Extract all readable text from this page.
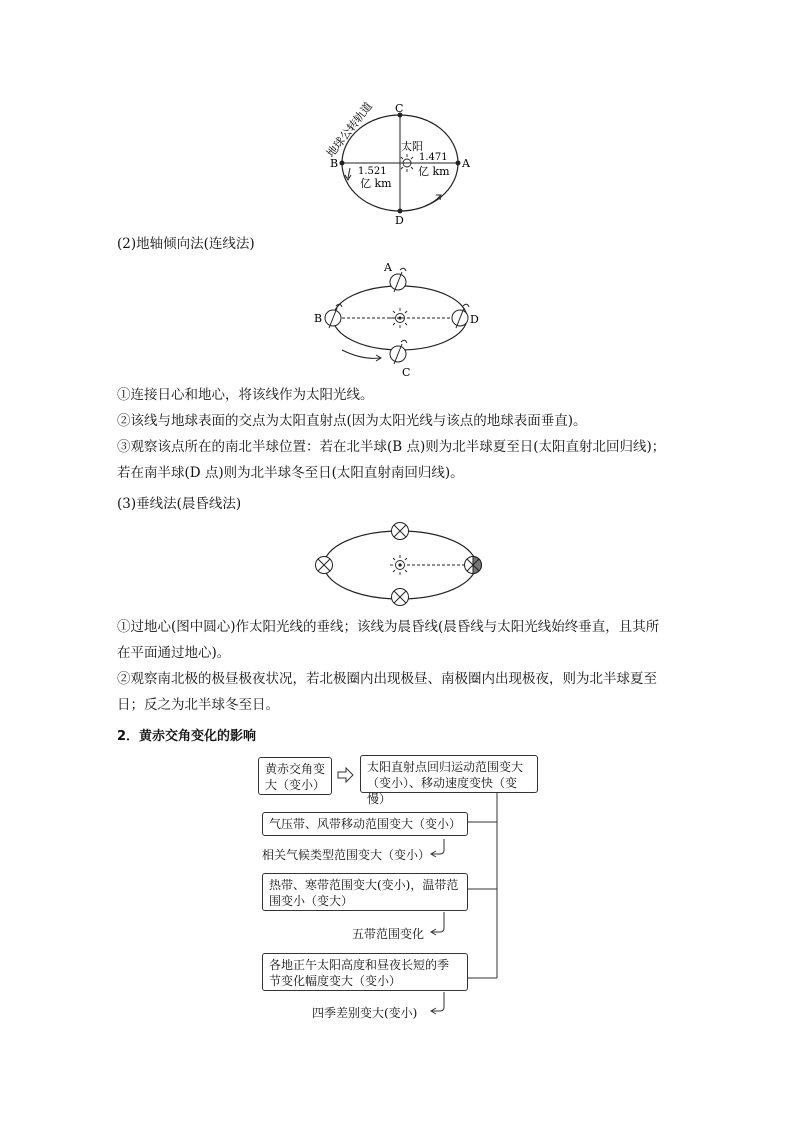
地球公转轨道 C
D
B	A
太阳
1.521
亿 km
1.471
亿 km
(2)地轴倾向法(连线法)
A
B	D
C
①连接日心和地心，将该线作为太阳光线。
②该线与地球表面的交点为太阳直射点(因为太阳光线与该点的地球表面垂直)。
③观察该点所在的南北半球位置：若在北半球(B 点)则为北半球夏至日(太阳直射北回归线)；
若在南半球(D 点)则为北半球冬至日(太阳直射南回归线)。
(3)垂线法(晨昏线法)
①过地心(图中圆心)作太阳光线的垂线；该线为晨昏线(晨昏线与太阳光线始终垂直，且其所
在平面通过地心)。
②观察南北极的极昼极夜状况，若北极圈内出现极昼、南极圈内出现极夜，则为北半球夏至
日；反之为北半球冬至日。
2．黄赤交角变化的影响
黄赤交角变
大（变小）
太阳直射点回归运动范围变大
（变小）、移动速度变快（变慢）
气压带、风带移动范围变大（变小）
相关气候类型范围变大（变小）
热带、寒带范围变大(变小)，温带范
围变小（变大）
五带范围变化
各地正午太阳高度和昼夜长短的季
节变化幅度变大（变小）
四季差别变大(变小)
